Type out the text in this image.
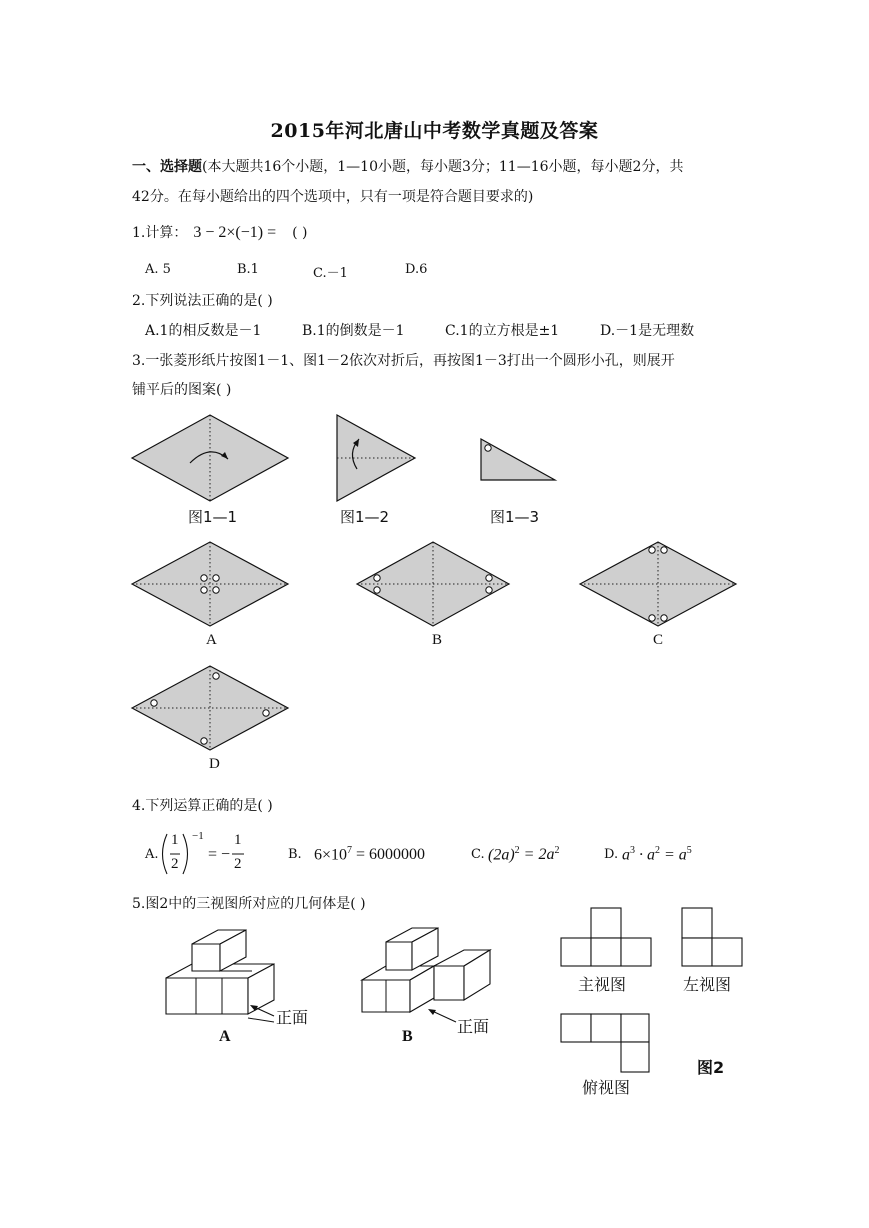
2015年河北唐山中考数学真题及答案
一、选择题(本大题共16个小题，1—10小题，每小题3分；11—16小题，每小题2分，共
42分。在每小题给出的四个选项中，只有一项是符合题目要求的)
1.计算： 3 − 2×(−1) = ( )
A. 5	B.1	C.－1	D.6
2.下列说法正确的是( )
A.1的相反数是－1	B.1的倒数是－1	C.1的立方根是±1	D.－1是无理数
3.一张菱形纸片按图1－1、图1－2依次对折后，再按图1－3打出一个圆形小孔，则展开
铺平后的图案( )
图1—1	图1—2	图1—3
A	B	C
D
4.下列运算正确的是( )
A.
1
2
−1
= −
1
2
B. $6\times 10^7 = 6000000$	C. $(2a)^2 = 2a^2$	D. $a^3 \cdot a^2 = a^5$
5.图2中的三视图所对应的几何体是( )
正面
A
正面
B
主视图	左视图
俯视图
图2
